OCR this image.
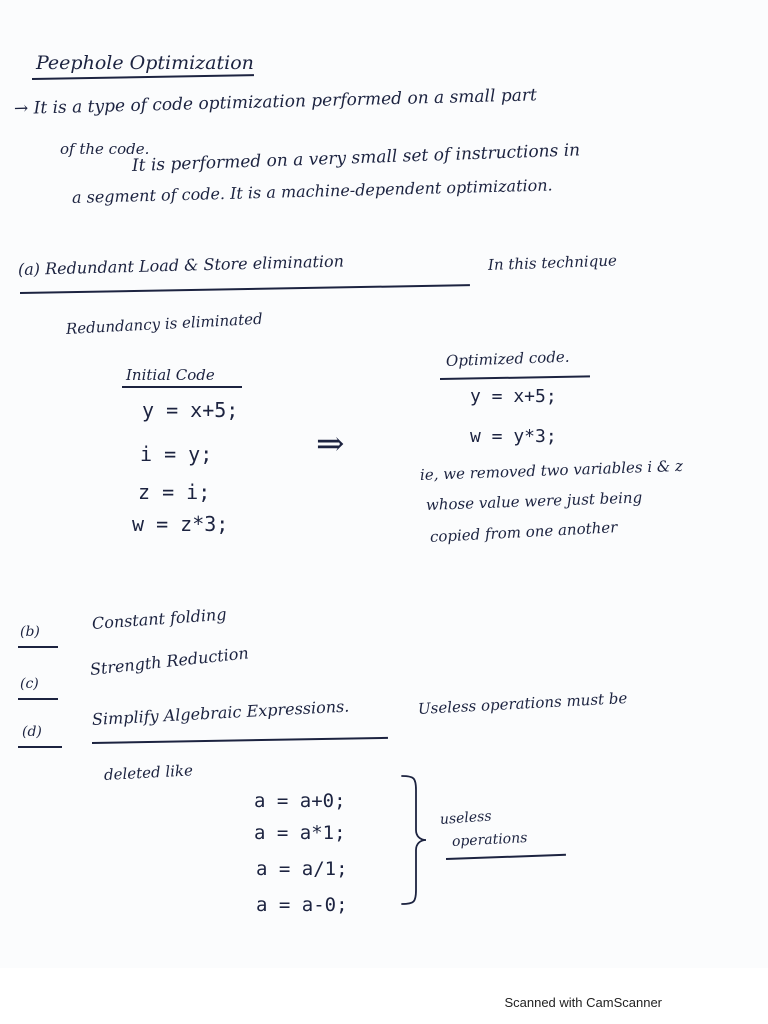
Peephole Optimization
→ It is a type of code optimization performed on a small part
of the code.
It is performed on a very small set of instructions in
a segment of code. It is a machine-dependent optimization.
(a) Redundant Load & Store elimination	In this technique
Redundancy is eliminated
Initial Code
y = x+5;
i = y;
z = i;
w = z*3;
⇒
Optimized code.
y = x+5;
w = y*3;
ie, we removed two variables i & z
whose value were just being
copied from one another
(b)	Constant folding
(c)
Strength Reduction
(d)
Simplify Algebraic Expressions.	Useless operations must be
deleted like
a = a+0;
a = a*1;
a = a/1;
a = a-0;
useless
operations
Scanned with CamScanner
